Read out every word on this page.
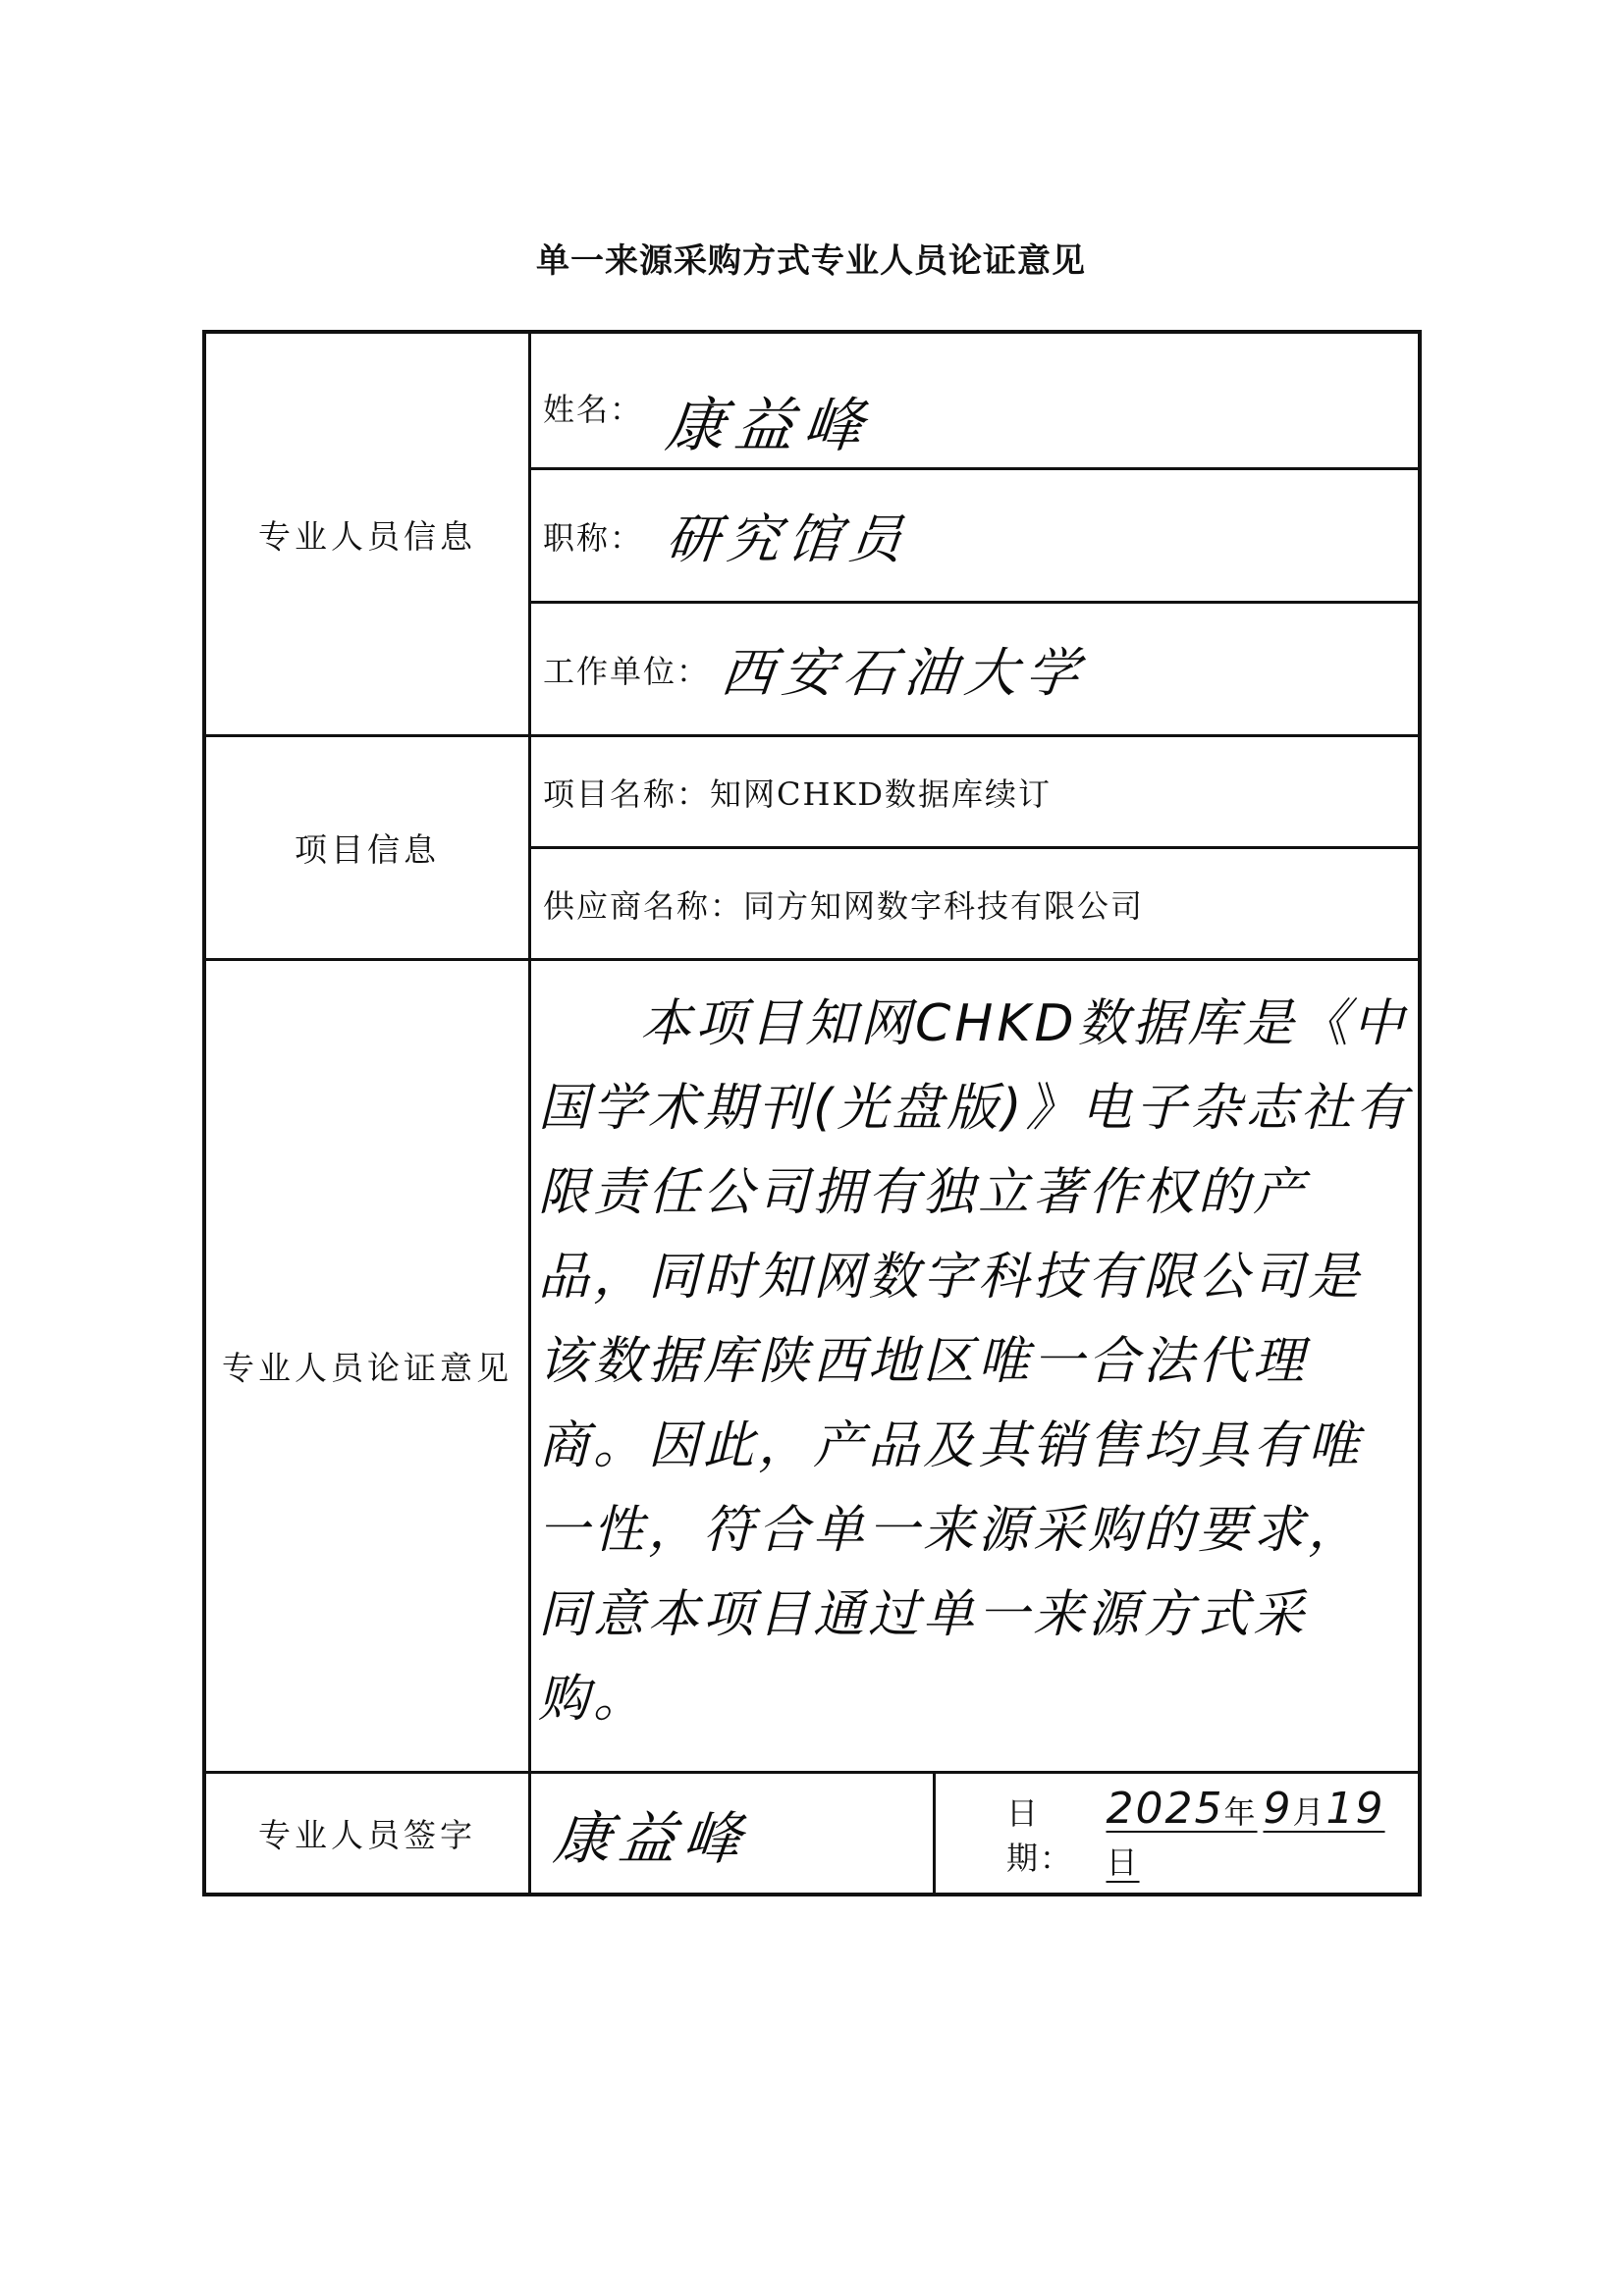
单一来源采购方式专业人员论证意见
专业人员信息
项目信息
专业人员论证意见
专业人员签字
姓名： 康益峰
职称： 研究馆员
工作单位： 西安石油大学
项目名称： 知网CHKD数据库续订
供应商名称： 同方知网数字科技有限公司
本项目知网CHKD数据库是《中国学术期刊(光盘版)》电子杂志社有限责任公司拥有独立著作权的产品，同时知网数字科技有限公司是该数据库陕西地区唯一合法代理商。因此，产品及其销售均具有唯一性，符合单一来源采购的要求，同意本项目通过单一来源方式采购。
康益峰	日期：
2025年 9月19日
